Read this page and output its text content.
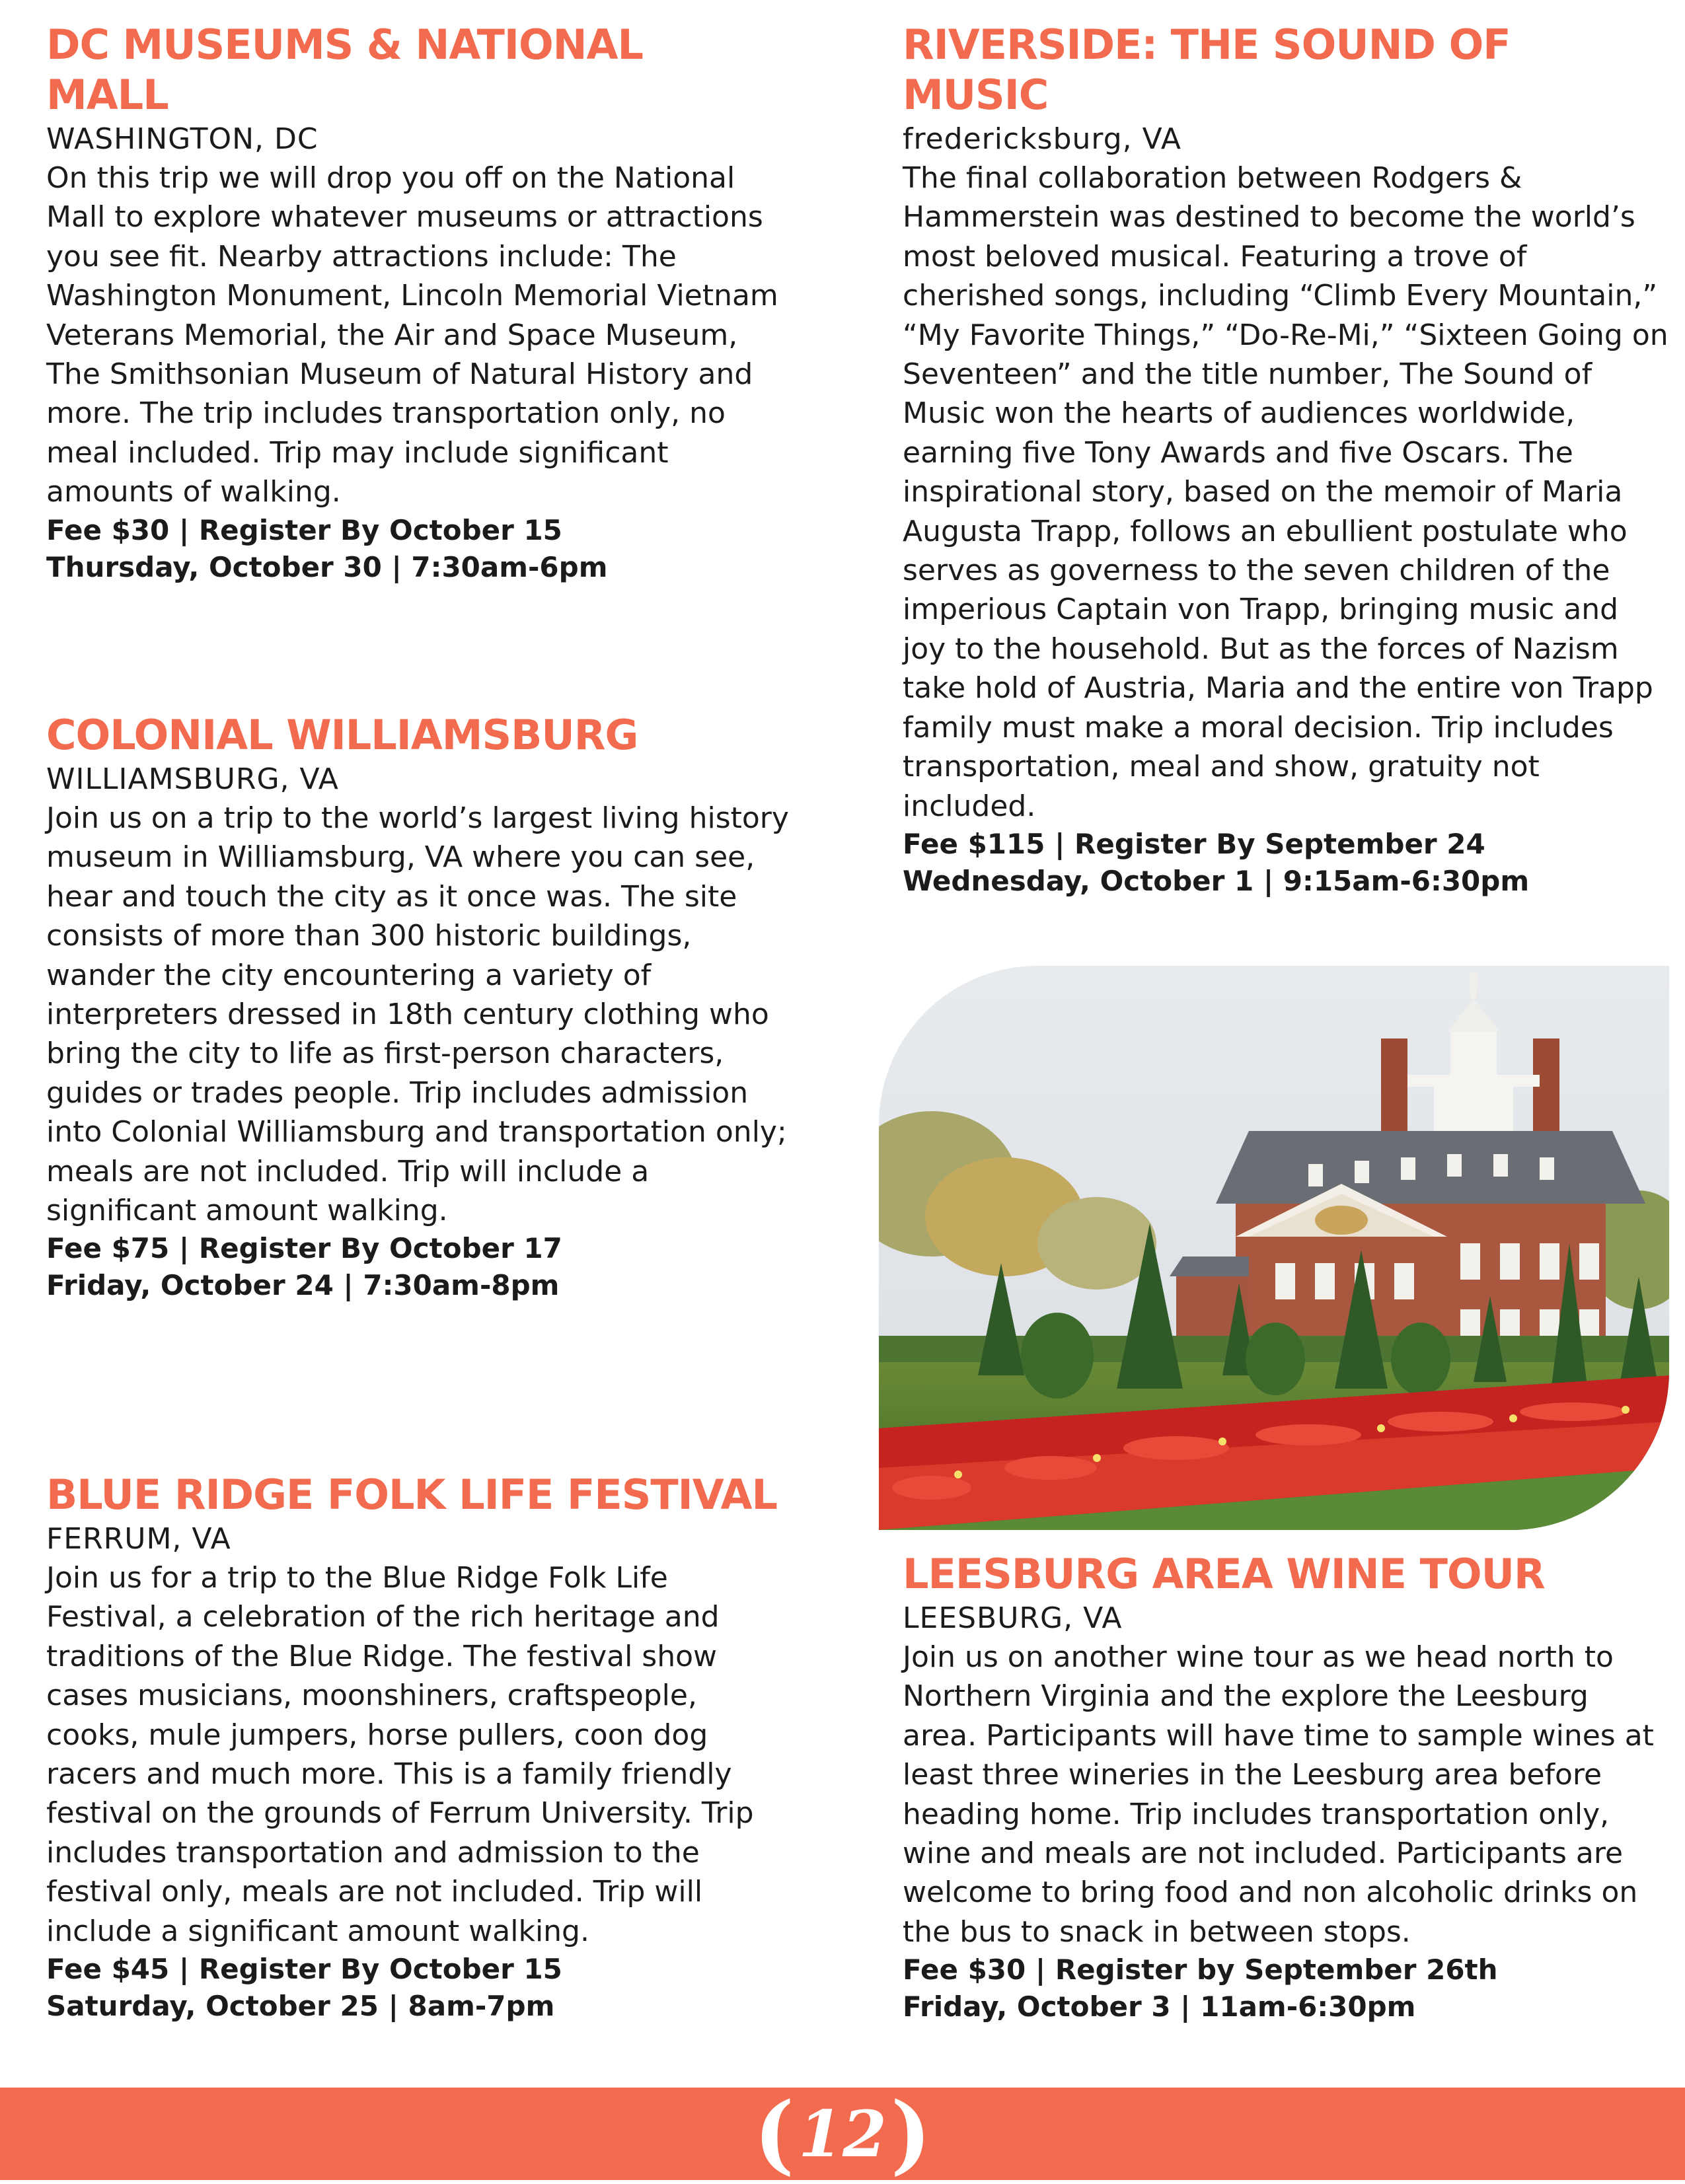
DC MUSEUMS & NATIONAL
MALL

WASHINGTON, DC

On this trip we will drop you off on the National Mall to explore whatever museums or attractions you see fit. Nearby attractions include: The Washington Monument, Lincoln Memorial Vietnam Veterans Memorial, the Air and Space Museum, The Smithsonian Museum of Natural History and more. The trip includes transportation only, no meal included. Trip may include significant amounts of walking.

Fee $30 | Register By October 15

Thursday, October 30 | 7:30am-6pm

COLONIAL WILLIAMSBURG

WILLIAMSBURG, VA

Join us on a trip to the world’s largest living history museum in Williamsburg, VA where you can see, hear and touch the city as it once was. The site consists of more than 300 historic buildings, wander the city encountering a variety of interpreters dressed in 18th century clothing who bring the city to life as first-person characters, guides or trades people. Trip includes admission into Colonial Williamsburg and transportation only; meals are not included. Trip will include a significant amount walking.

Fee $75 | Register By October 17

Friday, October 24 | 7:30am-8pm

BLUE RIDGE FOLK LIFE FESTIVAL

FERRUM, VA

Join us for a trip to the Blue Ridge Folk Life Festival, a celebration of the rich heritage and traditions of the Blue Ridge. The festival show cases musicians, moonshiners, craftspeople, cooks, mule jumpers, horse pullers, coon dog racers and much more. This is a family friendly festival on the grounds of Ferrum University. Trip includes transportation and admission to the festival only, meals are not included. Trip will include a significant amount walking.

Fee $45 | Register By October 15

Saturday, October 25 | 8am-7pm

RIVERSIDE: THE SOUND OF MUSIC

fredericksburg, VA

The final collaboration between Rodgers & Hammerstein was destined to become the world’s most beloved musical. Featuring a trove of cherished songs, including “Climb Every Mountain,” “My Favorite Things,” “Do-Re-Mi,” “Sixteen Going on Seventeen” and the title number, The Sound of Music won the hearts of audiences worldwide, earning five Tony Awards and five Oscars. The inspirational story, based on the memoir of Maria Augusta Trapp, follows an ebullient postulate who serves as governess to the seven children of the imperious Captain von Trapp, bringing music and joy to the household. But as the forces of Nazism take hold of Austria, Maria and the entire von Trapp family must make a moral decision. Trip includes transportation, meal and show, gratuity not included.

Fee $115 | Register By September 24

Wednesday, October 1 | 9:15am-6:30pm

LEESBURG AREA WINE TOUR

LEESBURG, VA

Join us on another wine tour as we head north to Northern Virginia and the explore the Leesburg area. Participants will have time to sample wines at least three wineries in the Leesburg area before heading home. Trip includes transportation only, wine and meals are not included. Participants are welcome to bring food and non alcoholic drinks on the bus to snack in between stops.

Fee $30 | Register by September 26th

Friday, October 3 | 11am-6:30pm

( 12 )
